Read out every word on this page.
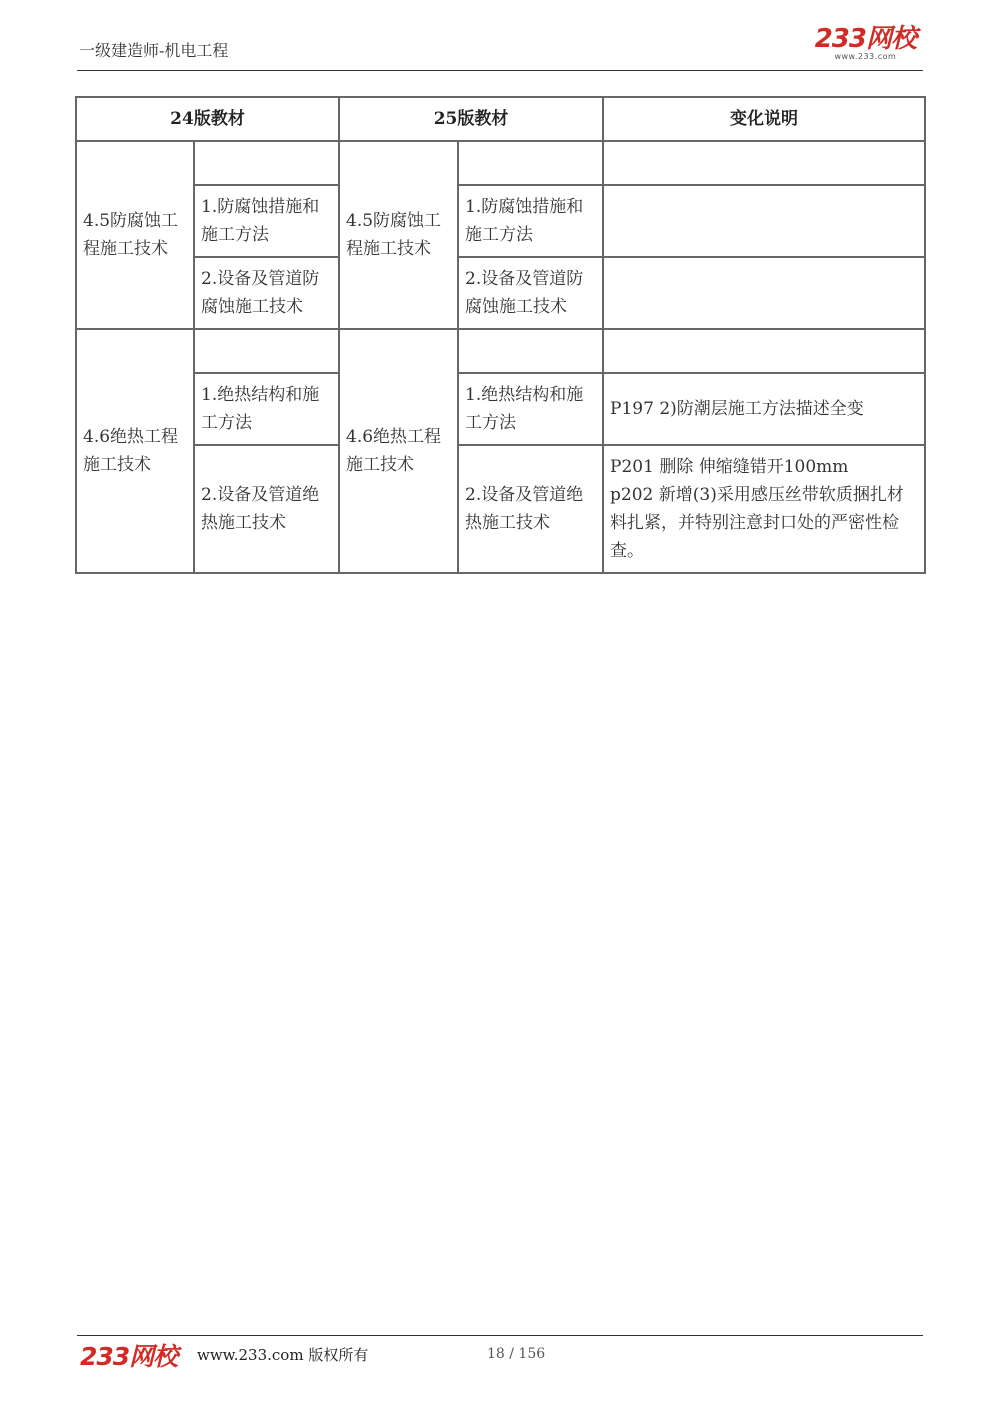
一级建造师-机电工程	233网校
www.233.com
24版教材		25版教材		变化说明
4.5防腐蚀工程施工技术		4.5防腐蚀工程施工技术		
	1.防腐蚀措施和施工方法		1.防腐蚀措施和施工方法	
	2.设备及管道防腐蚀施工技术		2.设备及管道防腐蚀施工技术	
4.6绝热工程施工技术		4.6绝热工程施工技术		
	1.绝热结构和施工方法		1.绝热结构和施工方法	P197 2)防潮层施工方法描述全变
	2.设备及管道绝热施工技术		2.设备及管道绝热施工技术	P201 删除 伸缩缝错开100mm
p202 新增(3)采用感压丝带软质捆扎材料扎紧，并特别注意封口处的严密性检查。
233网校 www.233.com 版权所有	18 / 156
